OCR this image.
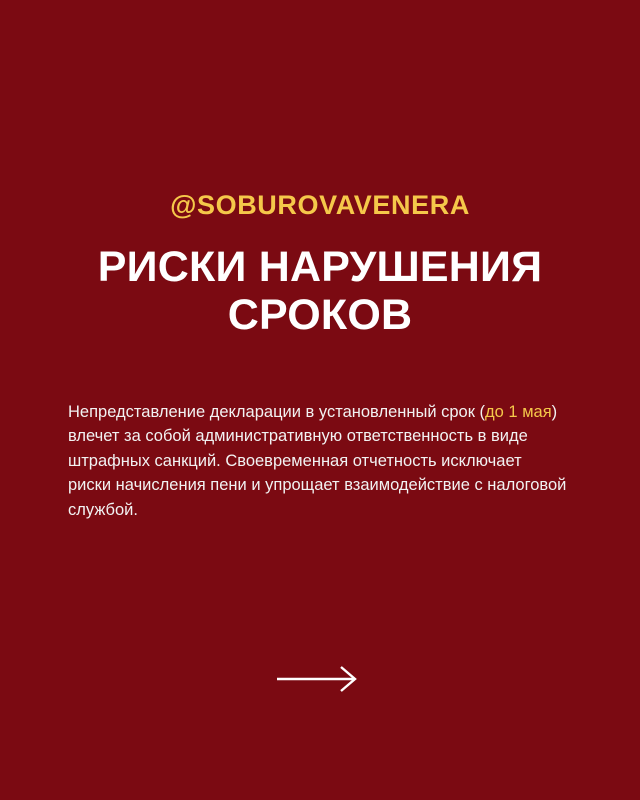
@SOBUROVAVENERA
РИСКИ НАРУШЕНИЯ СРОКОВ
Непредставление декларации в установленный срок (до 1 мая) влечет за собой административную ответственность в виде штрафных санкций. Своевременная отчетность исключает риски начисления пени и упрощает взаимодействие с налоговой службой.
